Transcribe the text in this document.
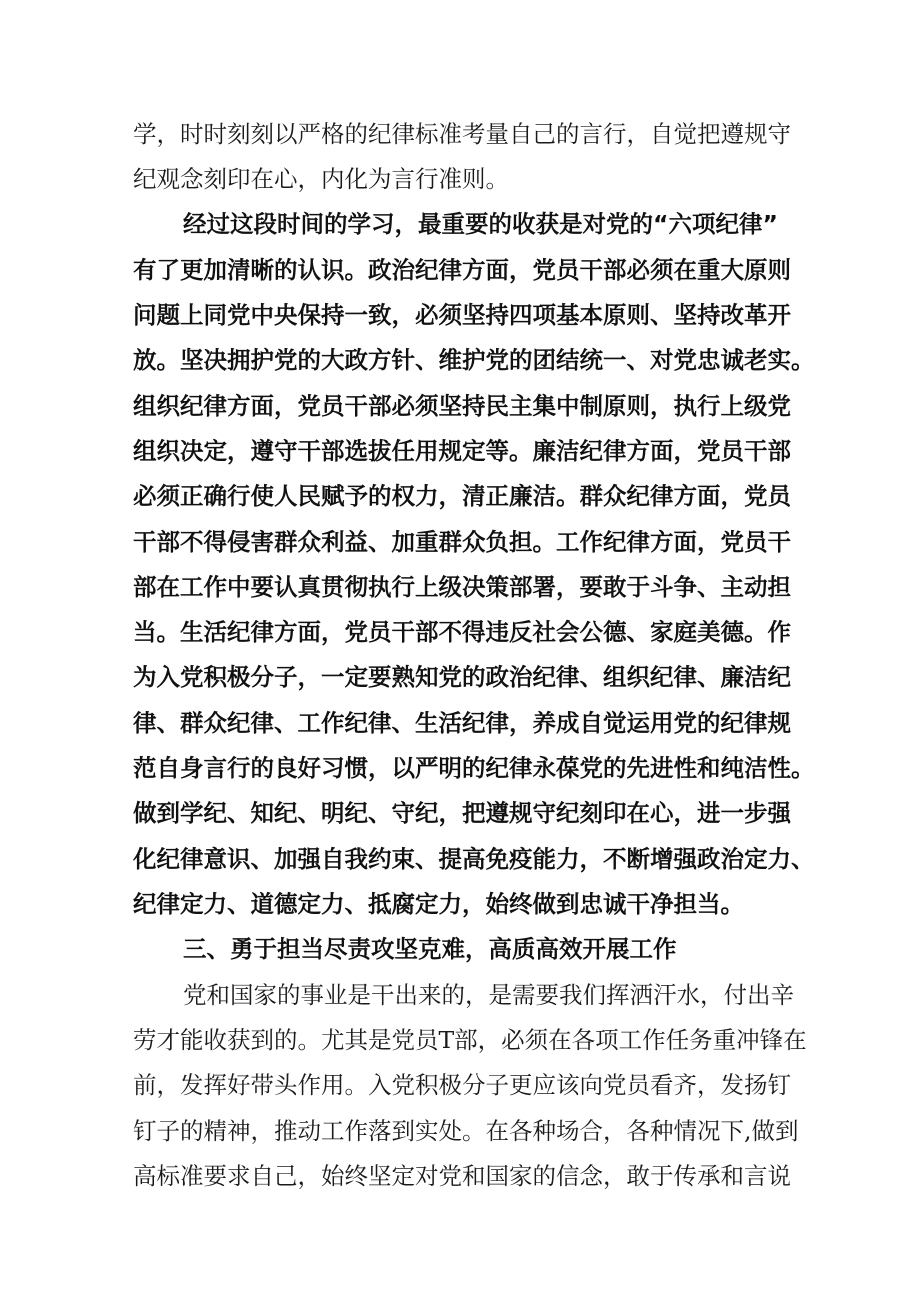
学，时时刻刻以严格的纪律标准考量自己的言行，自觉把遵规守
纪观念刻印在心，内化为言行准则。
经过这段时间的学习，最重要的收获是对党的“六项纪律”
有了更加清晰的认识。政治纪律方面，党员干部必须在重大原则
问题上同党中央保持一致，必须坚持四项基本原则、坚持改革开
放。坚决拥护党的大政方针、维护党的团结统一、对党忠诚老实。
组织纪律方面，党员干部必须坚持民主集中制原则，执行上级党
组织决定，遵守干部选拔任用规定等。廉洁纪律方面，党员干部
必须正确行使人民赋予的权力，清正廉洁。群众纪律方面，党员
干部不得侵害群众利益、加重群众负担。工作纪律方面，党员干
部在工作中要认真贯彻执行上级决策部署，要敢于斗争、主动担
当。生活纪律方面，党员干部不得违反社会公德、家庭美德。作
为入党积极分子，一定要熟知党的政治纪律、组织纪律、廉洁纪
律、群众纪律、工作纪律、生活纪律，养成自觉运用党的纪律规
范自身言行的良好习惯，以严明的纪律永葆党的先进性和纯洁性。
做到学纪、知纪、明纪、守纪，把遵规守纪刻印在心，进一步强
化纪律意识、加强自我约束、提高免疫能力，不断增强政治定力、
纪律定力、道德定力、抵腐定力，始终做到忠诚干净担当。
三、勇于担当尽责攻坚克难，高质高效开展工作
党和国家的事业是干出来的，是需要我们挥洒汗水，付出辛
劳才能收获到的。尤其是党员T部，必须在各项工作任务重冲锋在
前，发挥好带头作用。入党积极分子更应该向党员看齐，发扬钉
钉子的精神，推动工作落到实处。在各种场合，各种情况下,做到
高标准要求自己，始终坚定对党和国家的信念，敢于传承和言说
